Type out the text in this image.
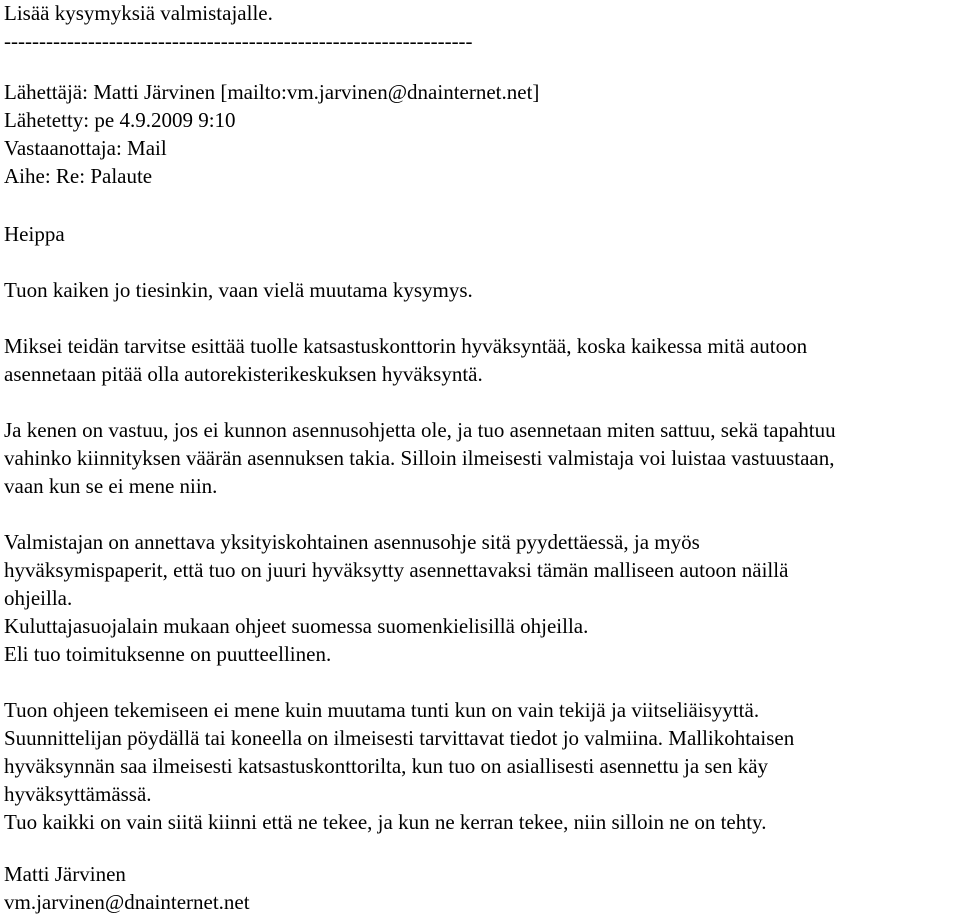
Lisää kysymyksiä valmistajalle.
-------------------------------------------------------------------
Lähettäjä: Matti Järvinen [mailto:vm.jarvinen@dnainternet.net]
Lähetetty: pe 4.9.2009 9:10
Vastaanottaja: Mail
Aihe: Re: Palaute
Heippa
Tuon kaiken jo tiesinkin, vaan vielä muutama kysymys.
Miksei teidän tarvitse esittää tuolle katsastuskonttorin hyväksyntää, koska kaikessa mitä autoon
asennetaan pitää olla autorekisterikeskuksen hyväksyntä.
Ja kenen on vastuu, jos ei kunnon asennusohjetta ole, ja tuo asennetaan miten sattuu, sekä tapahtuu
vahinko kiinnityksen väärän asennuksen takia. Silloin ilmeisesti valmistaja voi luistaa vastuustaan,
vaan kun se ei mene niin.
Valmistajan on annettava yksityiskohtainen asennusohje sitä pyydettäessä, ja myös
hyväksymispaperit, että tuo on juuri hyväksytty asennettavaksi tämän malliseen autoon näillä
ohjeilla.
Kuluttajasuojalain mukaan ohjeet suomessa suomenkielisillä ohjeilla.
Eli tuo toimituksenne on puutteellinen.
Tuon ohjeen tekemiseen ei mene kuin muutama tunti kun on vain tekijä ja viitseliäisyyttä.
Suunnittelijan pöydällä tai koneella on ilmeisesti tarvittavat tiedot jo valmiina. Mallikohtaisen
hyväksynnän saa ilmeisesti katsastuskonttorilta, kun tuo on asiallisesti asennettu ja sen käy
hyväksyttämässä.
Tuo kaikki on vain siitä kiinni että ne tekee, ja kun ne kerran tekee, niin silloin ne on tehty.
Matti Järvinen
vm.jarvinen@dnainternet.net
